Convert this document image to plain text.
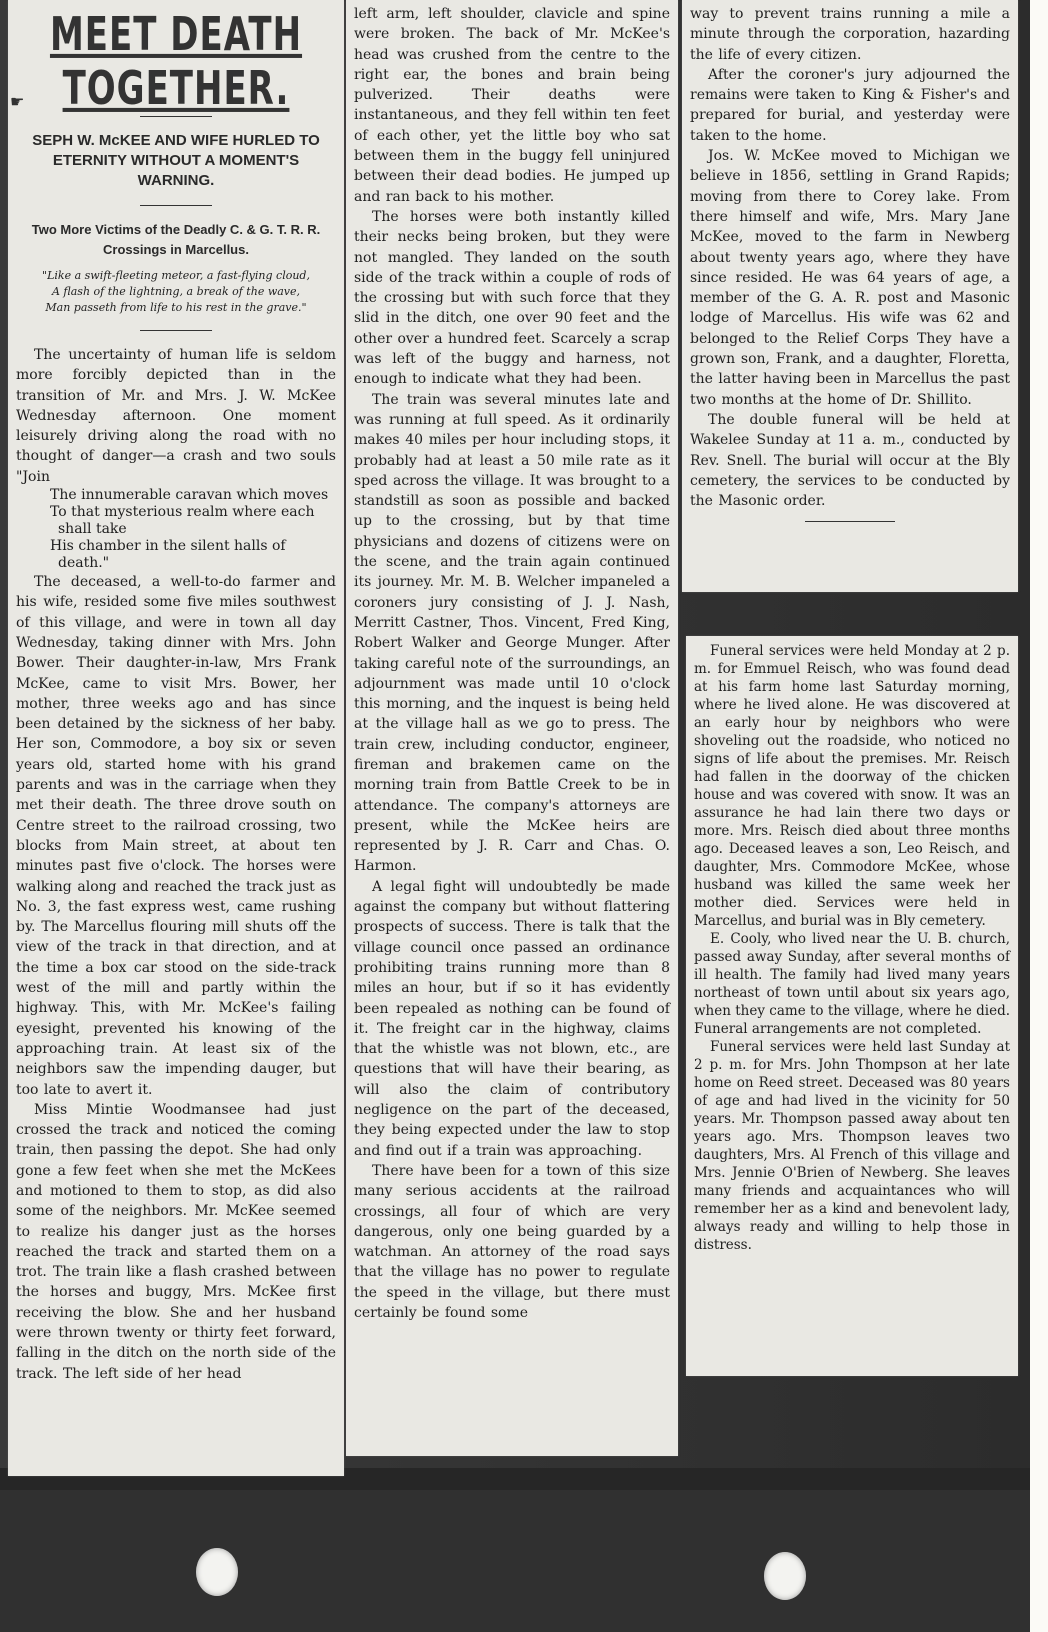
MEET DEATH TOGETHER.
☛
SEPH W. McKEE AND WIFE HURLED TO ETERNITY WITHOUT A MOMENT'S WARNING.
Two More Victims of the Deadly C. & G. T. R. R. Crossings in Marcellus.
"Like a swift-fleeting meteor, a fast-flying cloud,
A flash of the lightning, a break of the wave,
Man passeth from life to his rest in the grave."
The uncertainty of human life is seldom more forcibly depicted than in the transition of Mr. and Mrs. J. W. McKee Wednesday afternoon. One moment leisurely driving along the road with no thought of danger—a crash and two souls "Join
The innumerable caravan which moves
To that mysterious realm where each shall take
His chamber in the silent halls of death."
The deceased, a well-to-do farmer and his wife, resided some five miles southwest of this village, and were in town all day Wednesday, taking dinner with Mrs. John Bower. Their daughter-in-law, Mrs Frank McKee, came to visit Mrs. Bower, her mother, three weeks ago and has since been detained by the sickness of her baby. Her son, Commodore, a boy six or seven years old, started home with his grand parents and was in the carriage when they met their death. The three drove south on Centre street to the railroad crossing, two blocks from Main street, at about ten minutes past five o'clock. The horses were walking along and reached the track just as No. 3, the fast express west, came rushing by. The Marcellus flouring mill shuts off the view of the track in that direction, and at the time a box car stood on the side-track west of the mill and partly within the highway. This, with Mr. McKee's failing eyesight, prevented his knowing of the approaching train. At least six of the neighbors saw the impending dauger, but too late to avert it.
Miss Mintie Woodmansee had just crossed the track and noticed the coming train, then passing the depot. She had only gone a few feet when she met the McKees and motioned to them to stop, as did also some of the neighbors. Mr. McKee seemed to realize his danger just as the horses reached the track and started them on a trot. The train like a flash crashed between the horses and buggy, Mrs. McKee first receiving the blow. She and her husband were thrown twenty or thirty feet forward, falling in the ditch on the north side of the track. The left side of her head
left arm, left shoulder, clavicle and spine were broken. The back of Mr. McKee's head was crushed from the centre to the right ear, the bones and brain being pulverized. Their deaths were instantaneous, and they fell within ten feet of each other, yet the little boy who sat between them in the buggy fell uninjured between their dead bodies. He jumped up and ran back to his mother.
The horses were both instantly killed their necks being broken, but they were not mangled. They landed on the south side of the track within a couple of rods of the crossing but with such force that they slid in the ditch, one over 90 feet and the other over a hundred feet. Scarcely a scrap was left of the buggy and harness, not enough to indicate what they had been.
The train was several minutes late and was running at full speed. As it ordinarily makes 40 miles per hour including stops, it probably had at least a 50 mile rate as it sped across the village. It was brought to a standstill as soon as possible and backed up to the crossing, but by that time physicians and dozens of citizens were on the scene, and the train again continued its journey. Mr. M. B. Welcher impaneled a coroners jury consisting of J. J. Nash, Merritt Castner, Thos. Vincent, Fred King, Robert Walker and George Munger. After taking careful note of the surroundings, an adjournment was made until 10 o'clock this morning, and the inquest is being held at the village hall as we go to press. The train crew, including conductor, engineer, fireman and brakemen came on the morning train from Battle Creek to be in attendance. The company's attorneys are present, while the McKee heirs are represented by J. R. Carr and Chas. O. Harmon.
A legal fight will undoubtedly be made against the company but without flattering prospects of success. There is talk that the village council once passed an ordinance prohibiting trains running more than 8 miles an hour, but if so it has evidently been repealed as nothing can be found of it. The freight car in the highway, claims that the whistle was not blown, etc., are questions that will have their bearing, as will also the claim of contributory negligence on the part of the deceased, they being expected under the law to stop and find out if a train was approaching.
There have been for a town of this size many serious accidents at the railroad crossings, all four of which are very dangerous, only one being guarded by a watchman. An attorney of the road says that the village has no power to regulate the speed in the village, but there must certainly be found some
way to prevent trains running a mile a minute through the corporation, hazarding the life of every citizen.
After the coroner's jury adjourned the remains were taken to King & Fisher's and prepared for burial, and yesterday were taken to the home.
Jos. W. McKee moved to Michigan we believe in 1856, settling in Grand Rapids; moving from there to Corey lake. From there himself and wife, Mrs. Mary Jane McKee, moved to the farm in Newberg about twenty years ago, where they have since resided. He was 64 years of age, a member of the G. A. R. post and Masonic lodge of Marcellus. His wife was 62 and belonged to the Relief Corps They have a grown son, Frank, and a daughter, Floretta, the latter having been in Marcellus the past two months at the home of Dr. Shillito.
The double funeral will be held at Wakelee Sunday at 11 a. m., conducted by Rev. Snell. The burial will occur at the Bly cemetery, the services to be conducted by the Masonic order.
Funeral services were held Monday at 2 p. m. for Emmuel Reisch, who was found dead at his farm home last Saturday morning, where he lived alone. He was discovered at an early hour by neighbors who were shoveling out the roadside, who noticed no signs of life about the premises. Mr. Reisch had fallen in the doorway of the chicken house and was covered with snow. It was an assurance he had lain there two days or more. Mrs. Reisch died about three months ago. Deceased leaves a son, Leo Reisch, and daughter, Mrs. Commodore McKee, whose husband was killed the same week her mother died. Services were held in Marcellus, and burial was in Bly cemetery.
E. Cooly, who lived near the U. B. church, passed away Sunday, after several months of ill health. The family had lived many years northeast of town until about six years ago, when they came to the village, where he died. Funeral arrangements are not completed.
Funeral services were held last Sunday at 2 p. m. for Mrs. John Thompson at her late home on Reed street. Deceased was 80 years of age and had lived in the vicinity for 50 years. Mr. Thompson passed away about ten years ago. Mrs. Thompson leaves two daughters, Mrs. Al French of this village and Mrs. Jennie O'Brien of Newberg. She leaves many friends and acquaintances who will remember her as a kind and benevolent lady, always ready and willing to help those in distress.
